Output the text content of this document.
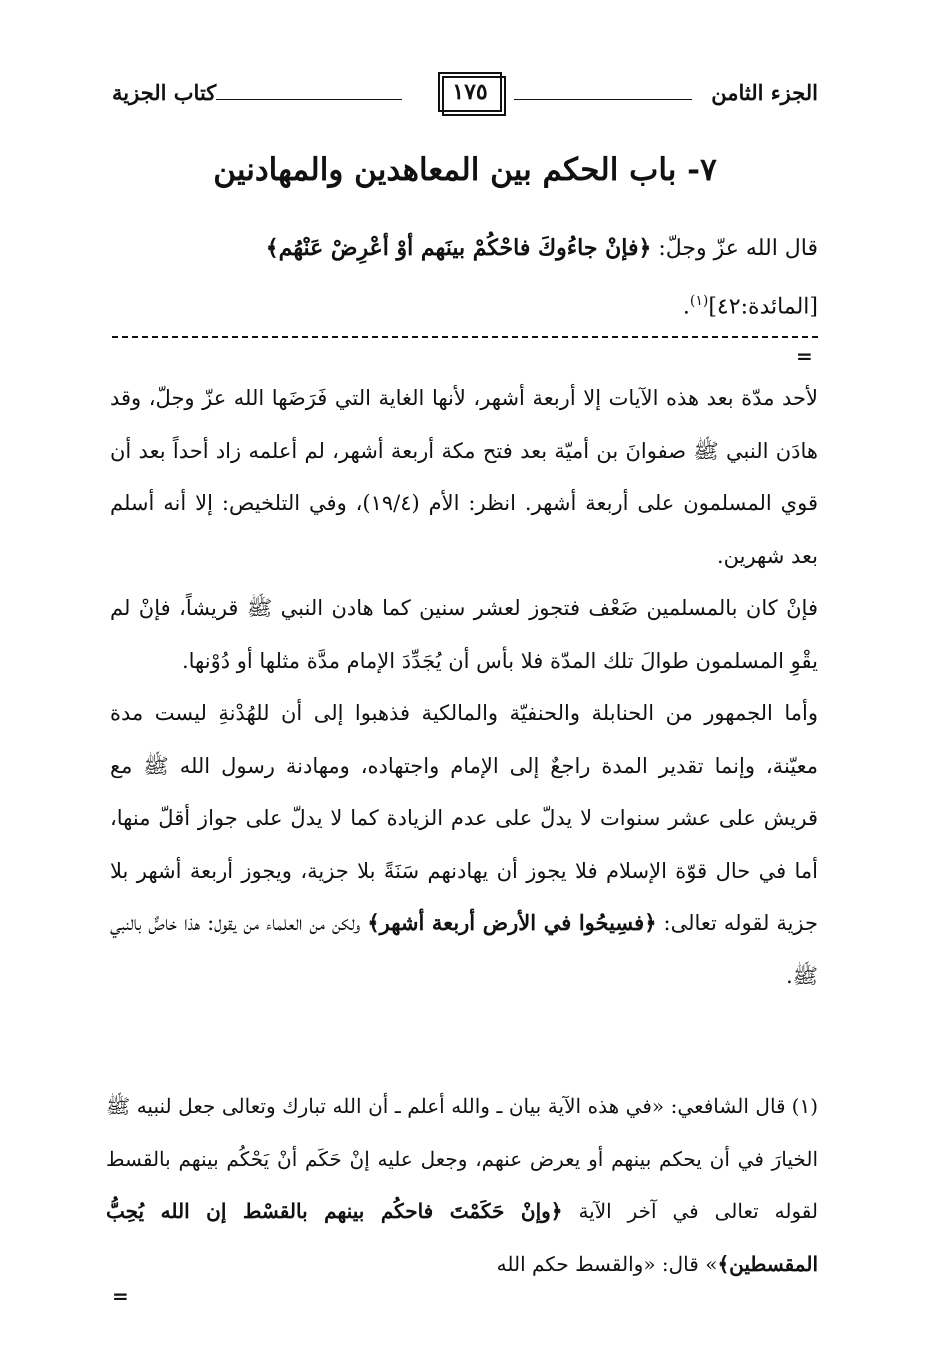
الجزء الثامن
١٧٥
كتاب الجزية
٧- باب الحكم بين المعاهدين والمهادنين
قال الله عزّ وجلّ: ﴿فإنْ جاءُوكَ فاحْكُمْ بينَهم أوْ أعْرِضْ عَنْهُم﴾
[المائدة:٤٢]$^{(١)}$.
=

لأحد مدّة بعد هذه الآيات إلا أربعة أشهر، لأنها الغاية التي فَرَضَها الله عزّ وجلّ، وقد هادَن النبي ﷺ صفوانَ بن أميّة بعد فتح مكة أربعة أشهر، لم أعلمه زاد أحداً بعد أن قوي المسلمون على أربعة أشهر. انظر: الأم (١٩/٤)، وفي التلخيص: إلا أنه أسلم بعد شهرين.

فإنْ كان بالمسلمين ضَعْف فتجوز لعشر سنين كما هادن النبي ﷺ قريشاً، فإنْ لم يقْوِ المسلمون طوالَ تلك المدّة فلا بأس أن يُجَدِّدَ الإمام مدَّة مثلها أو دُوْنها.

وأما الجمهور من الحنابلة والحنفيّة والمالكية فذهبوا إلى أن للهُدْنةِ ليست مدة معيّنة، وإنما تقدير المدة راجعٌ إلى الإمام واجتهاده، ومهادنة رسول الله ﷺ مع قريش على عشر سنوات لا يدلّ على عدم الزيادة كما لا يدلّ على جواز أقلّ منها، أما في حال قوّة الإسلام فلا يجوز أن يهادنهم سَنَةً بلا جزية، ويجوز أربعة أشهر بلا جزية لقوله تعالى: ﴿فسِيحُوا في الأرض أربعة أشهر﴾ ولكن من العلماء من يقول: هذا خاصٌّ بالنبي ﷺ.

(١)قال الشافعي: «في هذه الآية بيان ـ والله أعلم ـ أن الله تبارك وتعالى جعل لنبيه ﷺ الخيارَ في أن يحكم بينهم أو يعرض عنهم، وجعل عليه إنْ حَكَم أنْ يَحْكُم بينهم بالقسط لقوله تعالى في آخر الآية ﴿وإنْ حَكَمْتَ فاحكُم بينهم بالقسْط إن الله يُحِبُّ المقسطين﴾» قال: «والقسط حكم الله
=
